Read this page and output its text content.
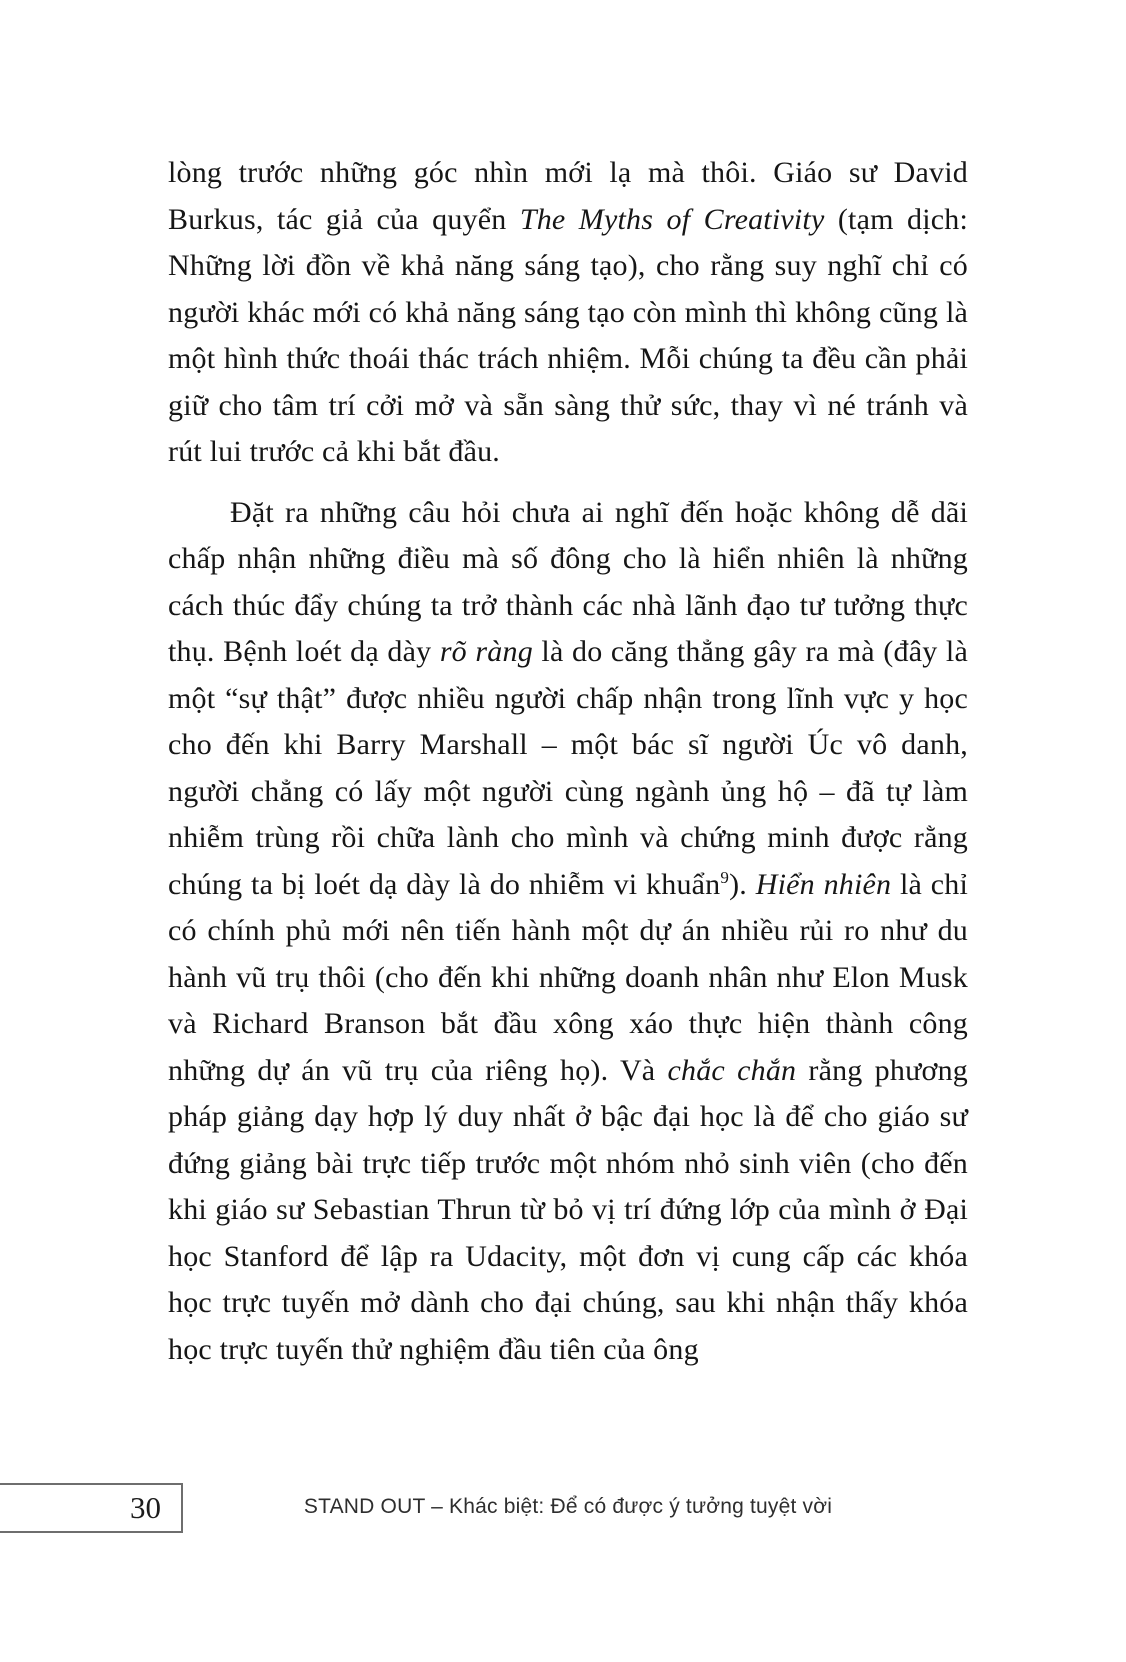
lòng trước những góc nhìn mới lạ mà thôi. Giáo sư David Burkus, tác giả của quyển The Myths of Creativity (tạm dịch: Những lời đồn về khả năng sáng tạo), cho rằng suy nghĩ chỉ có người khác mới có khả năng sáng tạo còn mình thì không cũng là một hình thức thoái thác trách nhiệm. Mỗi chúng ta đều cần phải giữ cho tâm trí cởi mở và sẵn sàng thử sức, thay vì né tránh và rút lui trước cả khi bắt đầu.

Đặt ra những câu hỏi chưa ai nghĩ đến hoặc không dễ dãi chấp nhận những điều mà số đông cho là hiển nhiên là những cách thúc đẩy chúng ta trở thành các nhà lãnh đạo tư tưởng thực thụ. Bệnh loét dạ dày rõ ràng là do căng thẳng gây ra mà (đây là một “sự thật” được nhiều người chấp nhận trong lĩnh vực y học cho đến khi Barry Marshall – một bác sĩ người Úc vô danh, người chẳng có lấy một người cùng ngành ủng hộ – đã tự làm nhiễm trùng rồi chữa lành cho mình và chứng minh được rằng chúng ta bị loét dạ dày là do nhiễm vi khuẩn$^9$). Hiển nhiên là chỉ có chính phủ mới nên tiến hành một dự án nhiều rủi ro như du hành vũ trụ thôi (cho đến khi những doanh nhân như Elon Musk và Richard Branson bắt đầu xông xáo thực hiện thành công những dự án vũ trụ của riêng họ). Và chắc chắn rằng phương pháp giảng dạy hợp lý duy nhất ở bậc đại học là để cho giáo sư đứng giảng bài trực tiếp trước một nhóm nhỏ sinh viên (cho đến khi giáo sư Sebastian Thrun từ bỏ vị trí đứng lớp của mình ở Đại học Stanford để lập ra Udacity, một đơn vị cung cấp các khóa học trực tuyến mở dành cho đại chúng, sau khi nhận thấy khóa học trực tuyến thử nghiệm đầu tiên của ông

30	STAND OUT – Khác biệt: Để có được ý tưởng tuyệt vời
